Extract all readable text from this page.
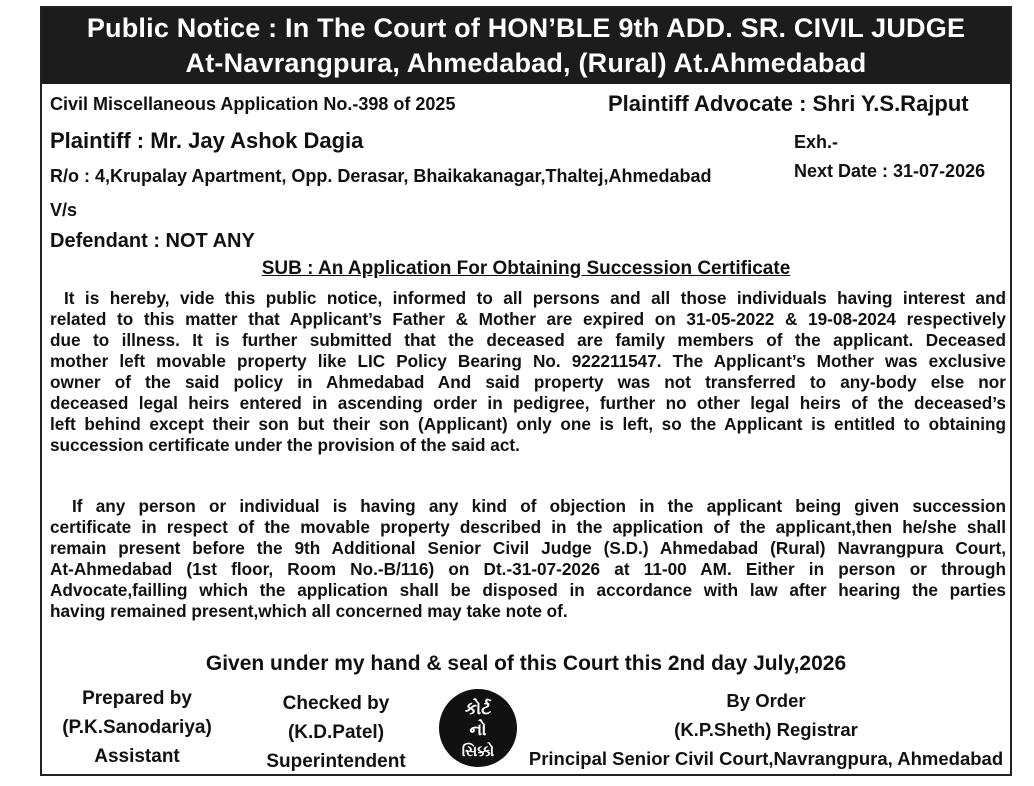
Public Notice : In The Court of HON’BLE 9th ADD. SR. CIVIL JUDGE
At-Navrangpura, Ahmedabad, (Rural) At.Ahmedabad
Civil Miscellaneous Application No.-398 of 2025	Plaintiff Advocate : Shri Y.S.Rajput
Plaintiff : Mr. Jay Ashok Dagia	Exh.-
R/o : 4,Krupalay Apartment, Opp. Derasar, Bhaikakanagar,Thaltej,Ahmedabad	Next Date : 31-07-2026
V/s
Defendant : NOT ANY
SUB : An Application For Obtaining Succession Certificate
It is hereby, vide this public notice, informed to all persons and all those individuals having interest and
related to this matter that Applicant’s Father & Mother are expired on 31-05-2022 & 19-08-2024 respectively
due to illness. It is further submitted that the deceased are family members of the applicant. Deceased
mother left movable property like LIC Policy Bearing No. 922211547. The Applicant’s Mother was exclusive
owner of the said policy in Ahmedabad And said property was not transferred to any-body else nor
deceased legal heirs entered in ascending order in pedigree, further no other legal heirs of the deceased’s
left behind except their son but their son (Applicant) only one is left, so the Applicant is entitled to obtaining
succession certificate under the provision of the said act.
If any person or individual is having any kind of objection in the applicant being given succession
certificate in respect of the movable property described in the application of the applicant,then he/she shall
remain present before the 9th Additional Senior Civil Judge (S.D.) Ahmedabad (Rural) Navrangpura Court,
At-Ahmedabad (1st floor, Room No.-B/116) on Dt.-31-07-2026 at 11-00 AM. Either in person or through
Advocate,failling which the application shall be disposed in accordance with law after hearing the parties
having remained present,which all concerned may take note of.
Given under my hand & seal of this Court this 2nd day July,2026
Prepared by
(P.K.Sanodariya)
Assistant
Checked by
(K.D.Patel)
Superintendent
કોર્ટ
નો
સિક્કો
By Order
(K.P.Sheth) Registrar
Principal Senior Civil Court,Navrangpura, Ahmedabad
